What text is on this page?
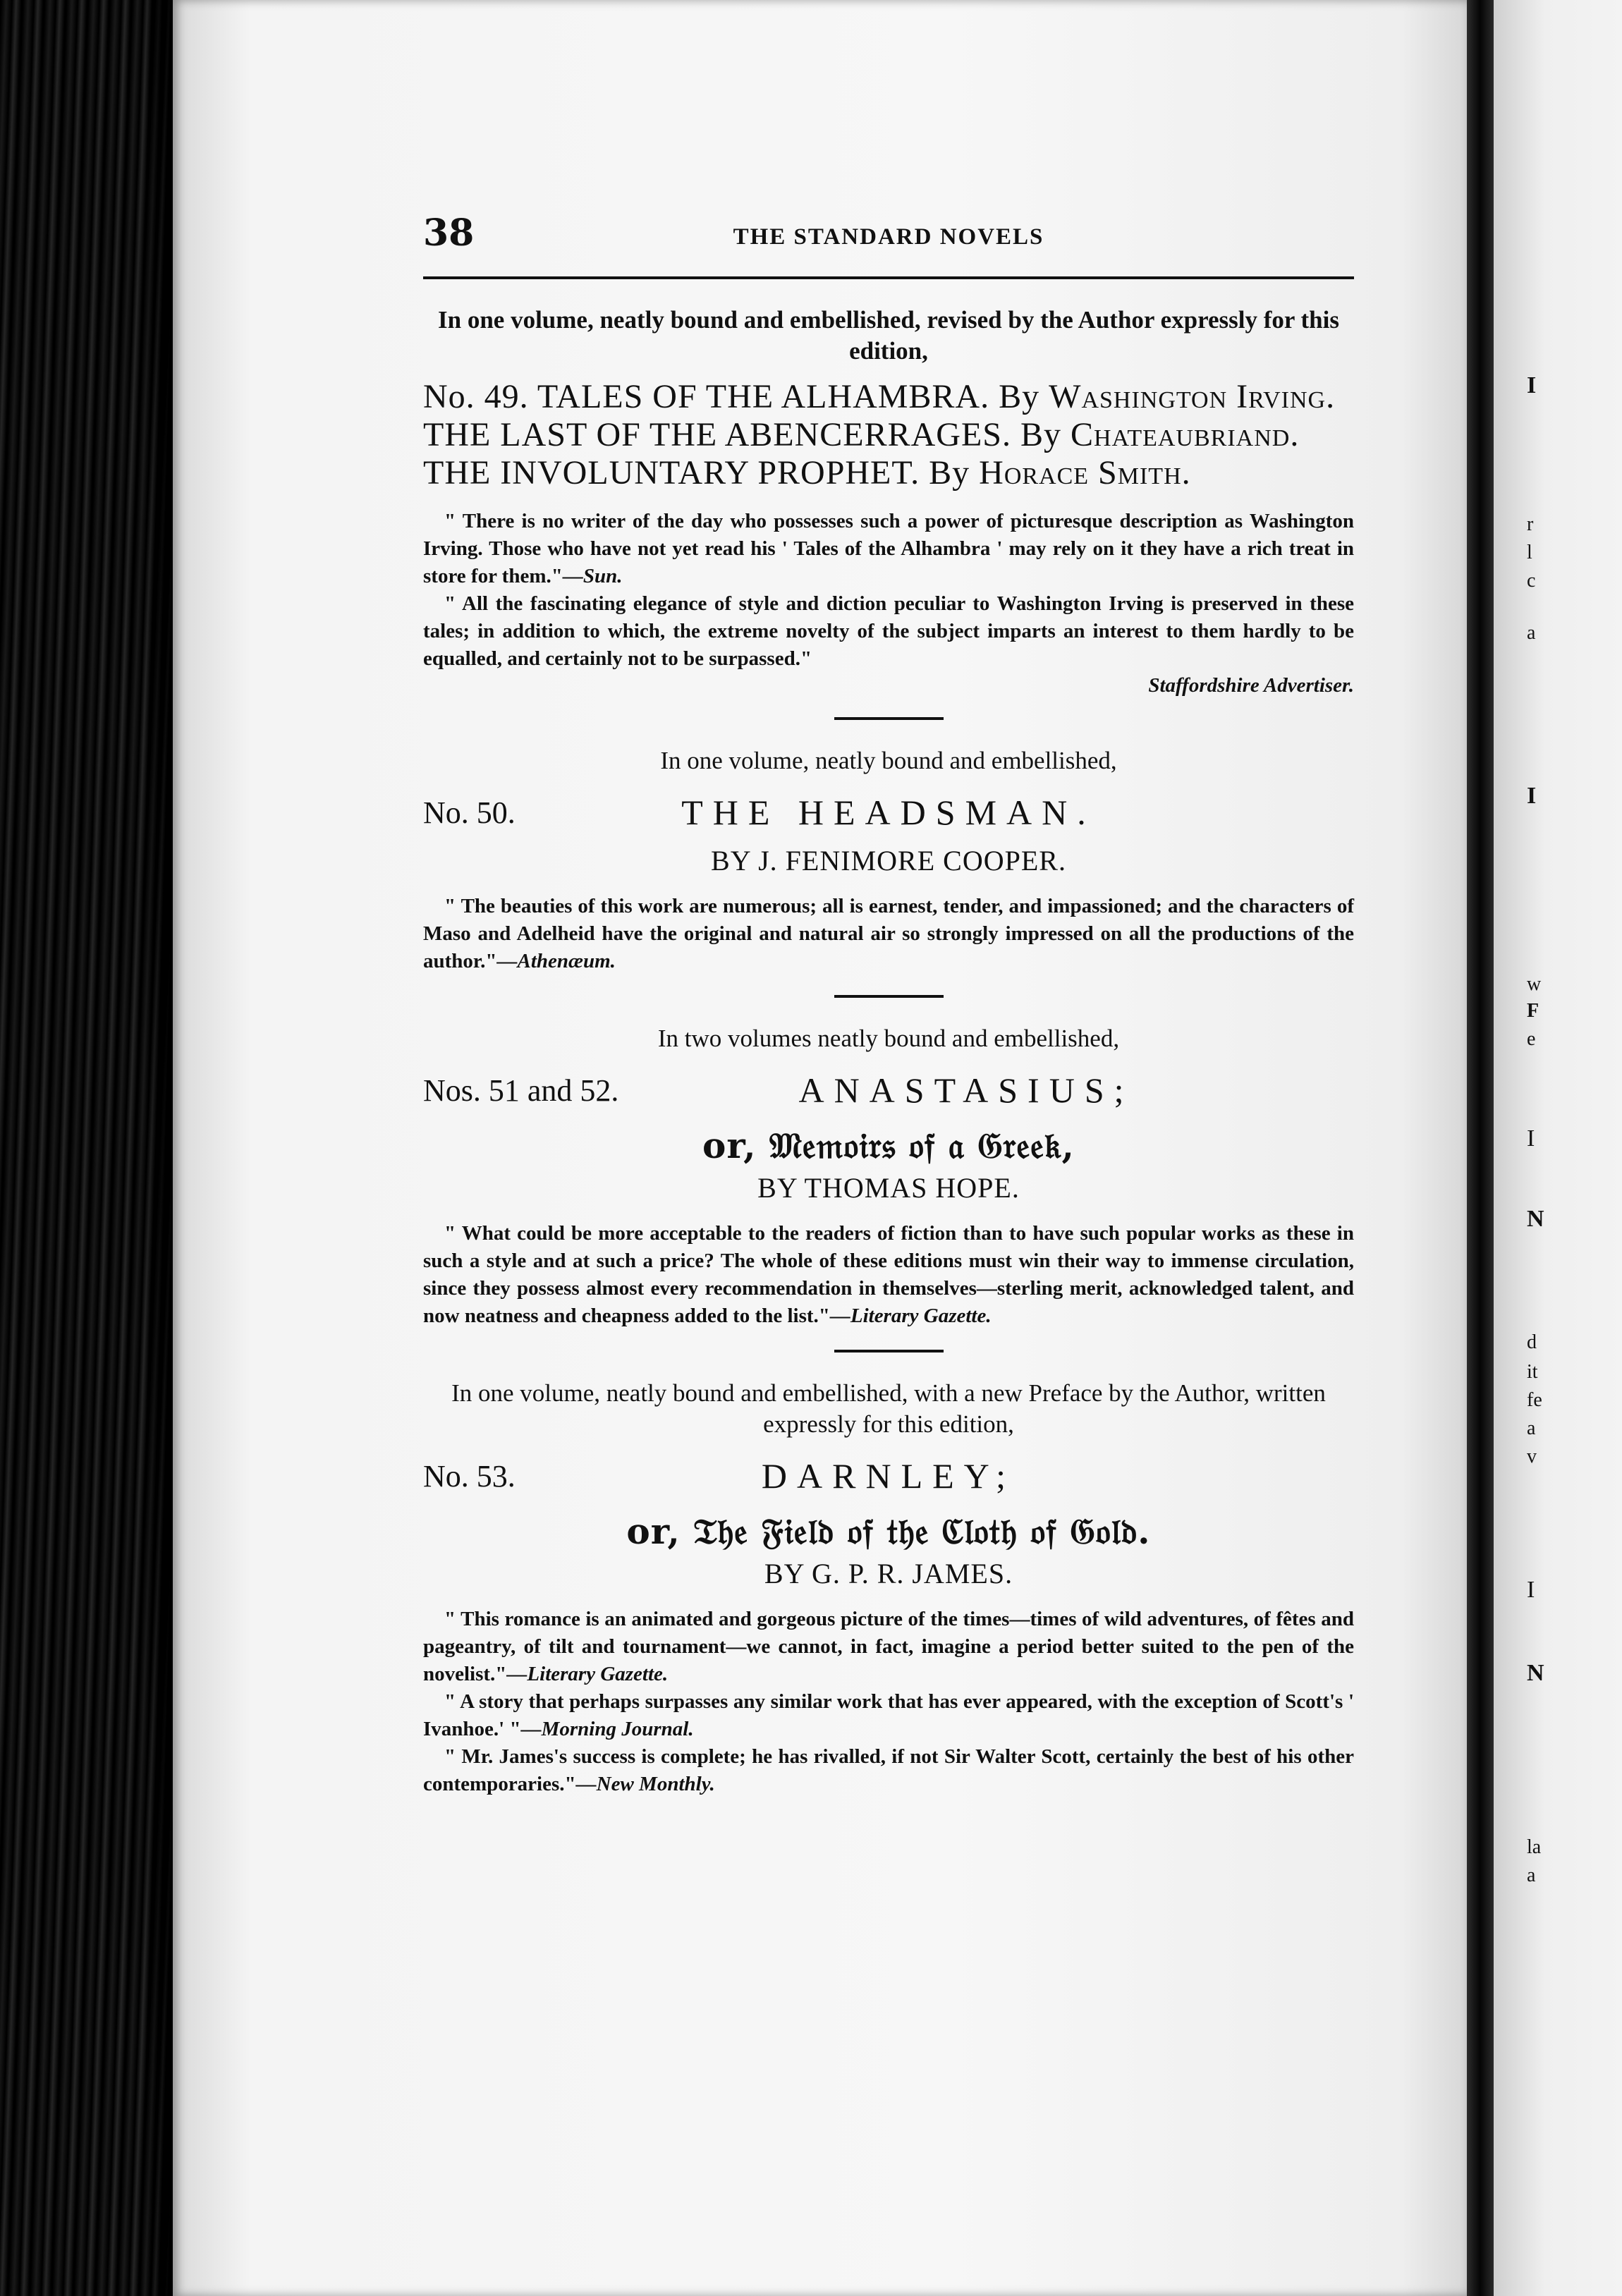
I
r
l
c
a
I
w
F
e
I
N
d
it
fe
a
v
I
N
la
a
38	THE STANDARD NOVELS
In one volume, neatly bound and embellished, revised by the Author expressly for this edition,
No. 49. TALES OF THE ALHAMBRA. By Washington Irving. THE LAST OF THE ABENCERRAGES. By Chateaubriand. THE INVOLUNTARY PROPHET. By Horace Smith.

" There is no writer of the day who possesses such a power of picturesque description as Washington Irving. Those who have not yet read his ' Tales of the Alhambra ' may rely on it they have a rich treat in store for them."—Sun.

" All the fascinating elegance of style and diction peculiar to Washington Irving is preserved in these tales; in addition to which, the extreme novelty of the subject imparts an interest to them hardly to be equalled, and certainly not to be surpassed."

Staffordshire Advertiser.
In one volume, neatly bound and embellished,
No. 50.	THE HEADSMAN.
BY J. FENIMORE COOPER.

" The beauties of this work are numerous; all is earnest, tender, and impassioned; and the characters of Maso and Adelheid have the original and natural air so strongly impressed on all the productions of the author."—Athenæum.

In two volumes neatly bound and embellished,
Nos. 51 and 52.	ANASTASIUS;
or, 𝔐𝔢𝔪𝔬𝔦𝔯𝔰 𝔬𝔣 𝔞 𝔊𝔯𝔢𝔢𝔨,
BY THOMAS HOPE.

" What could be more acceptable to the readers of fiction than to have such popular works as these in such a style and at such a price? The whole of these editions must win their way to immense circulation, since they possess almost every recommendation in themselves—sterling merit, acknowledged talent, and now neatness and cheapness added to the list."—Literary Gazette.

In one volume, neatly bound and embellished, with a new Preface by the Author, written expressly for this edition,
No. 53.	DARNLEY;
or, 𝔗𝔥𝔢 𝔉𝔦𝔢𝔩𝔡 𝔬𝔣 𝔱𝔥𝔢 ℭ𝔩𝔬𝔱𝔥 𝔬𝔣 𝔊𝔬𝔩𝔡.
BY G. P. R. JAMES.

" This romance is an animated and gorgeous picture of the times—times of wild adventures, of fêtes and pageantry, of tilt and tournament—we cannot, in fact, imagine a period better suited to the pen of the novelist."—Literary Gazette.

" A story that perhaps surpasses any similar work that has ever appeared, with the exception of Scott's ' Ivanhoe.' "—Morning Journal.

" Mr. James's success is complete; he has rivalled, if not Sir Walter Scott, certainly the best of his other contemporaries."—New Monthly.
